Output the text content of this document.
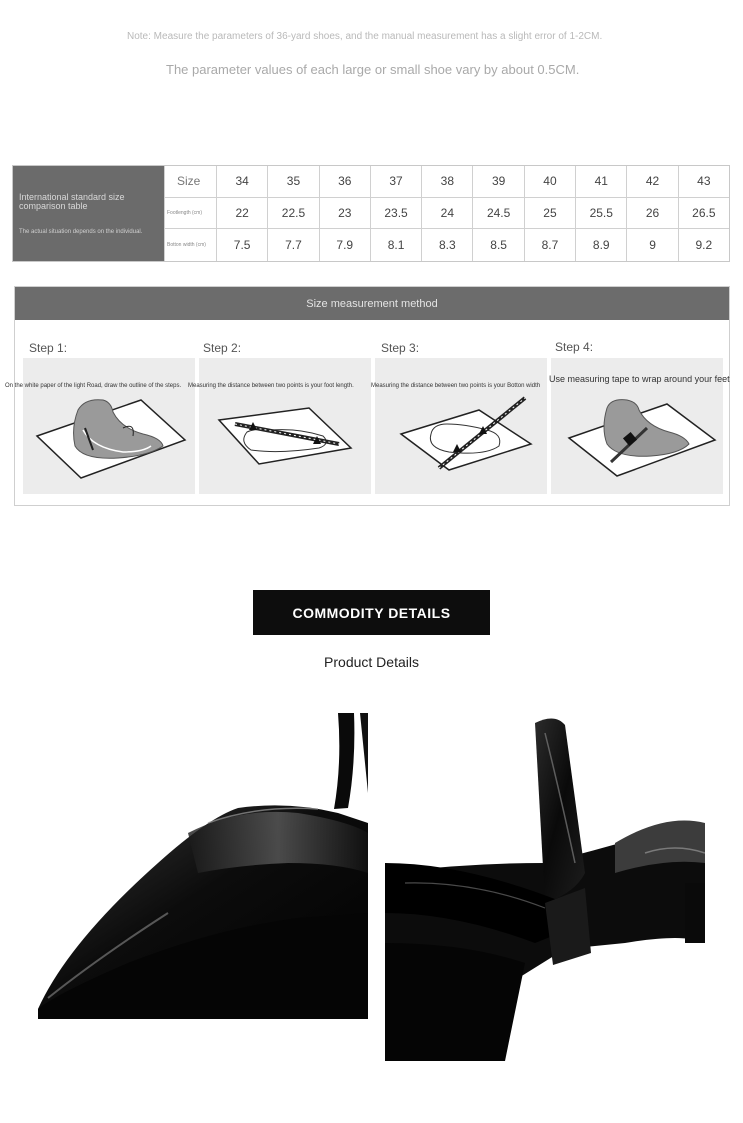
Note: Measure the parameters of 36-yard shoes, and the manual measurement has a slight error of 1-2CM.
The parameter values of each large or small shoe vary by about 0.5CM.
International standard size comparison table
The actual situation depends on the individual.
Size	34	35	36	37	38	39	40	41	42	43
Footlength (cm)	22	22.5	23	23.5	24	24.5	25	25.5	26	26.5
Botton width (cm)	7.5	7.7	7.9	8.1	8.3	8.5	8.7	8.9	9	9.2
Size measurement method
Step 1:	Step 2:	Step 3:	Step 4:
On the white paper of the light Road, draw the outline of the steps. Measuring the distance between two points is your foot length.	Measuring the distance between two points is your Botton width
Use measuring tape to wrap around your feet
COMMODITY DETAILS
Product Details
